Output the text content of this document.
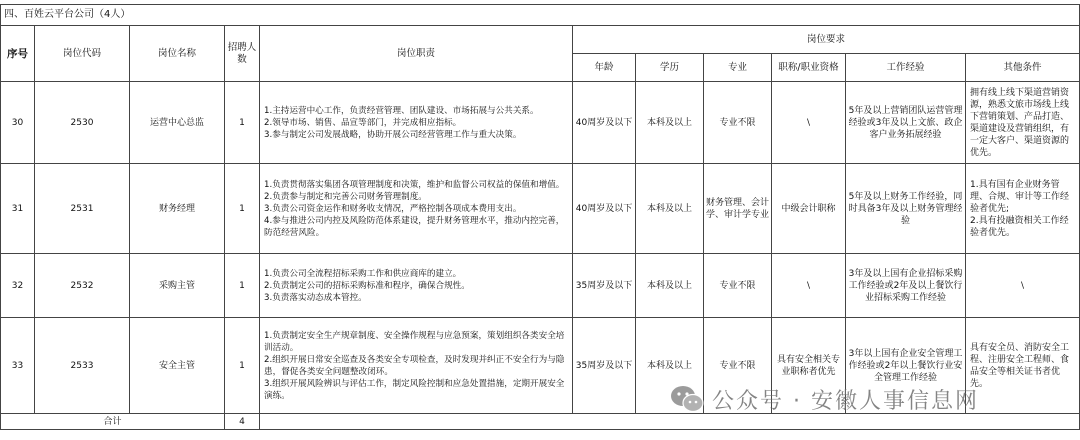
四、百姓云平台公司（4人）										
序号	岗位代码	岗位名称	招聘人数	岗位职责	岗位要求					
					年龄	学历	专业	职称/职业资格	工作经验	其他条件
30	2530	运营中心总监	1	1.主持运营中心工作，负责经营管理、团队建设、市场拓展与公共关系。
2.领导市场、销售、品宣等部门，并完成相应指标。
3.参与制定公司发展战略，协助开展公司经营管理工作与重大决策。	40周岁及以下	本科及以上	专业不限	\	5年及以上营销团队运营管理经验或3年及以上文旅、政企客户业务拓展经验	拥有线上线下渠道营销资源，熟悉文旅市场线上线下营销策划、产品打造、渠道建设及营销组织，有一定大客户、渠道资源的优先。
31	2531	财务经理	1	1.负责贯彻落实集团各项管理制度和决策，维护和监督公司权益的保值和增值。
2.负责参与制定和完善公司财务管理制度。
3.负责公司资金运作和财务收支情况，严格控制各项成本费用支出。
4.参与推进公司内控及风险防范体系建设，提升财务管理水平，推动内控完善，防范经营风险。	40周岁及以下	本科及以上	财务管理、会计学、审计学专业	中级会计职称	5年及以上财务工作经验，同时具备3年及以上财务管理经验	1.具有国有企业财务管理、合规、审计等工作经验者优先;
2.具有投融资相关工作经验者优先。
32	2532	采购主管	1	1.负责公司全流程招标采购工作和供应商库的建立。
2.负责制定公司的招标采购标准和程序，确保合规性。
3.负责落实动态成本管控。	35周岁及以下	本科及以上	专业不限	\	3年及以上国有企业招标采购工作经验或2年及以上餐饮行业招标采购工作经验	\
33	2533	安全主管	1	1.负责制定安全生产规章制度、安全操作规程与应急预案，策划组织各类安全培训活动。
2.组织开展日常安全巡查及各类安全专项检查，及时发现并纠正不安全行为与隐患，督促各类安全问题整改闭环。
3.组织开展风险辨识与评估工作，制定风险控制和应急处置措施，定期开展安全演练。	35周岁及以下	本科及以上	专业不限	具有安全相关专业职称者优先	3年以上国有企业安全管理工作经验或2年以上餐饮行业安全管理工作经验	具有安全员、消防安全工程、注册安全工程师、食品安全等相关证书者优先。
合计			4							
公众号 · 安徽人事信息网
